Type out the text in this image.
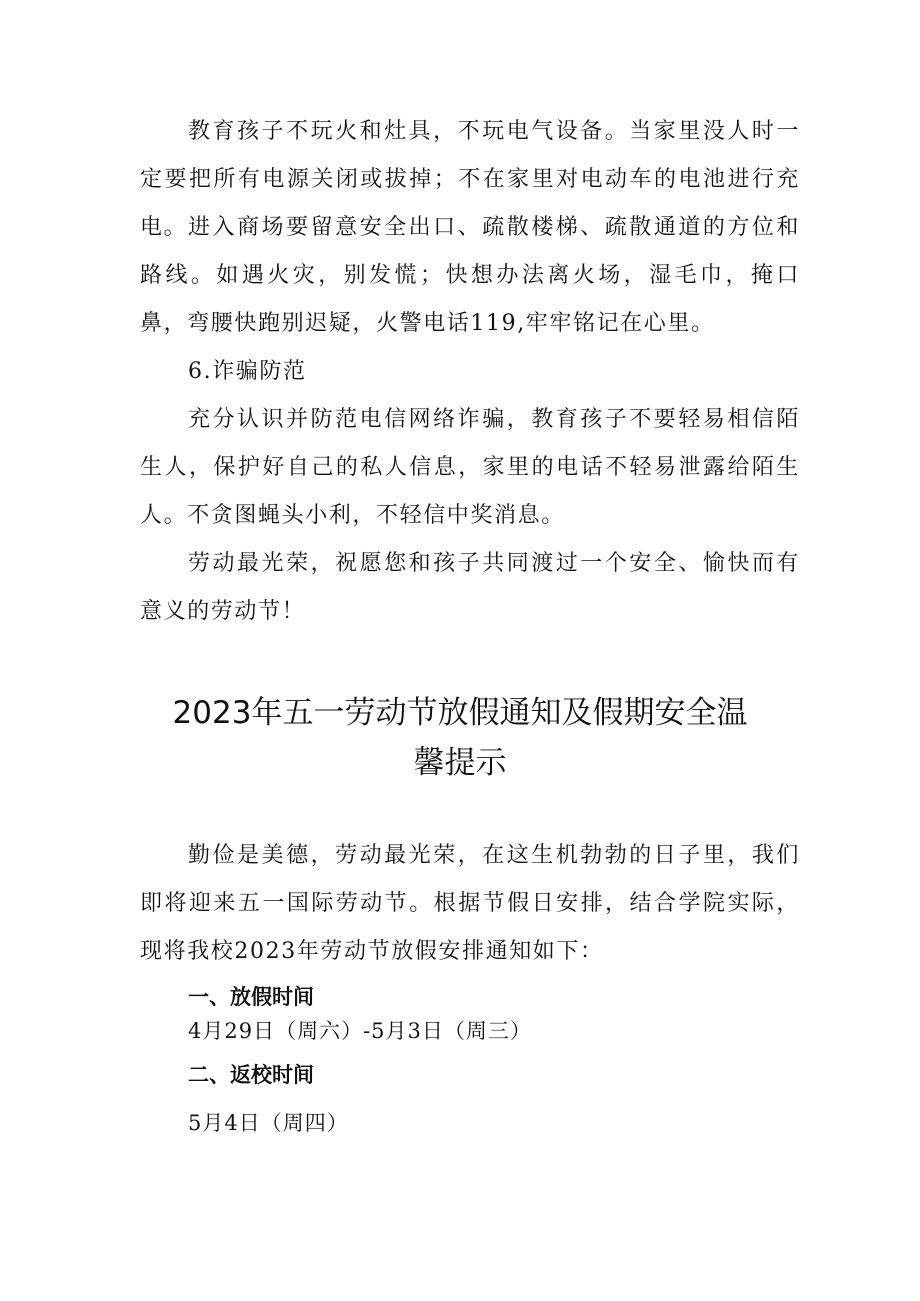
教育孩子不玩火和灶具，不玩电气设备。当家里没人时一定要把所有电源关闭或拔掉；不在家里对电动车的电池进行充电。 进入商场要留意安全出口、疏散楼梯、疏散通道的方位和路线。如遇火灾，别发慌；快想办法离火场，湿毛巾，掩口鼻，弯腰快跑别迟疑，火警电话119,牢牢铭记在心里。

6.诈骗防范

充分认识并防范电信网络诈骗，教育孩子不要轻易相信陌生人，保护好自己的私人信息，家里的电话不轻易泄露给陌生人。不贪图蝇头小利，不轻信中奖消息。

劳动最光荣，祝愿您和孩子共同渡过一个安全、愉快而有意义的劳动节！

2023年五一劳动节放假通知及假期安全温
馨提示

勤俭是美德，劳动最光荣，在这生机勃勃的日子里，我们即将迎来五一国际劳动节。根据节假日安排，结合学院实际，现将我校2023年劳动节放假安排通知如下：

一、放假时间

4月29日（周六）-5月3日（周三）

二、返校时间

5月4日（周四）
